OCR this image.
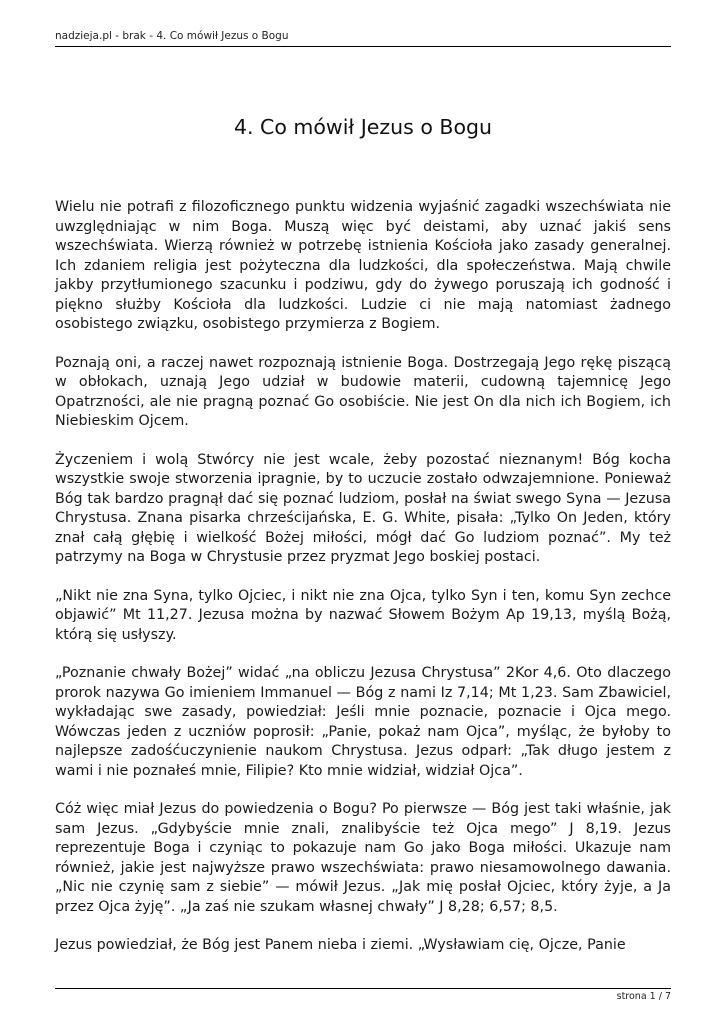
nadzieja.pl - brak - 4. Co mówił Jezus o Bogu
4. Co mówił Jezus o Bogu

Wielu nie potrafi z filozoficznego punktu widzenia wyjaśnić zagadki wszechświata nie uwzględniając w nim Boga. Muszą więc być deistami, aby uznać jakiś sens wszechświata. Wierzą również w potrzebę istnienia Kościoła jako zasady generalnej. Ich zdaniem religia jest pożyteczna dla ludzkości, dla społeczeństwa. Mają chwile jakby przytłumionego szacunku i podziwu, gdy do żywego poruszają ich godność i piękno służby Kościoła dla ludzkości. Ludzie ci nie mają natomiast żadnego osobistego związku, osobistego przymierza z Bogiem.

Poznają oni, a raczej nawet rozpoznają istnienie Boga. Dostrzegają Jego rękę piszącą w obłokach, uznają Jego udział w budowie materii, cudowną tajemnicę Jego Opatrzności, ale nie pragną poznać Go osobiście. Nie jest On dla nich ich Bogiem, ich Niebieskim Ojcem.

Życzeniem i wolą Stwórcy nie jest wcale, żeby pozostać nieznanym! Bóg kocha wszystkie swoje stworzenia ipragnie, by to uczucie zostało odwzajemnione. Ponieważ Bóg tak bardzo pragnął dać się poznać ludziom, posłał na świat swego Syna — Jezusa Chrystusa. Znana pisarka chrześcijańska, E. G. White, pisała: „Tylko On Jeden, który znał całą głębię i wielkość Bożej miłości, mógł dać Go ludziom poznać”. My też patrzymy na Boga w Chrystusie przez pryzmat Jego boskiej postaci.

„Nikt nie zna Syna, tylko Ojciec, i nikt nie zna Ojca, tylko Syn i ten, komu Syn zechce objawić” Mt 11,27. Jezusa można by nazwać Słowem Bożym Ap 19,13, myślą Bożą, którą się usłyszy.

„Poznanie chwały Bożej” widać „na obliczu Jezusa Chrystusa” 2Kor 4,6. Oto dlaczego prorok nazywa Go imieniem Immanuel — Bóg z nami Iz 7,14; Mt 1,23. Sam Zbawiciel, wykładając swe zasady, powiedział: Jeśli mnie poznacie, poznacie i Ojca mego. Wówczas jeden z uczniów poprosił: „Panie, pokaż nam Ojca”, myśląc, że byłoby to najlepsze zadośćuczynienie naukom Chrystusa. Jezus odparł: „Tak długo jestem z wami i nie poznałeś mnie, Filipie? Kto mnie widział, widział Ojca”.

Cóż więc miał Jezus do powiedzenia o Bogu? Po pierwsze — Bóg jest taki właśnie, jak sam Jezus. „Gdybyście mnie znali, znalibyście też Ojca mego” J 8,19. Jezus reprezentuje Boga i czyniąc to pokazuje nam Go jako Boga miłości. Ukazuje nam również, jakie jest najwyższe prawo wszechświata: prawo niesamowolnego dawania. „Nic nie czynię sam z siebie” — mówił Jezus. „Jak mię posłał Ojciec, który żyje, a Ja przez Ojca żyję”. „Ja zaś nie szukam własnej chwały” J 8,28; 6,57; 8,5.

Jezus powiedział, że Bóg jest Panem nieba i ziemi. „Wysławiam cię, Ojcze, Panie

strona 1 / 7
